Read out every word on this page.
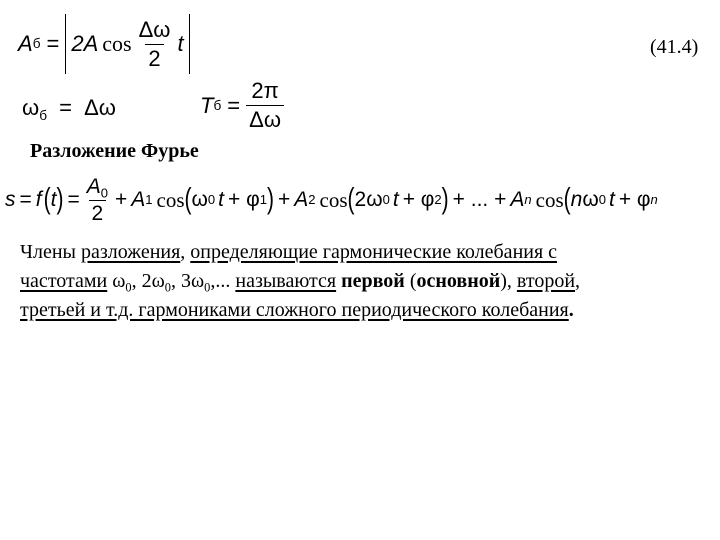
A б = 2A $\cos \frac{\Delta\omega}{2}$ t	(41.4)
$\omega_б = \Delta\omega$	T $б = \frac{2\pi}{\Delta\omega}$
Разложение Фурье
s = f ( t ) = $\frac{A_0}{2} + A$ 1 cos ( ω 0 t + φ 1 ) + A 2 cos ( 2ω 0 t + φ 2 ) + ... + A n cos ( n ω 0 t + φ n
Члены разложения, определяющие гармонические колебания с
частотами $\omega_0$, $2\omega_0$, $3\omega_0$,... называются первой (основной), второй,
третьей и т.д. гармониками сложного периодического колебания.
